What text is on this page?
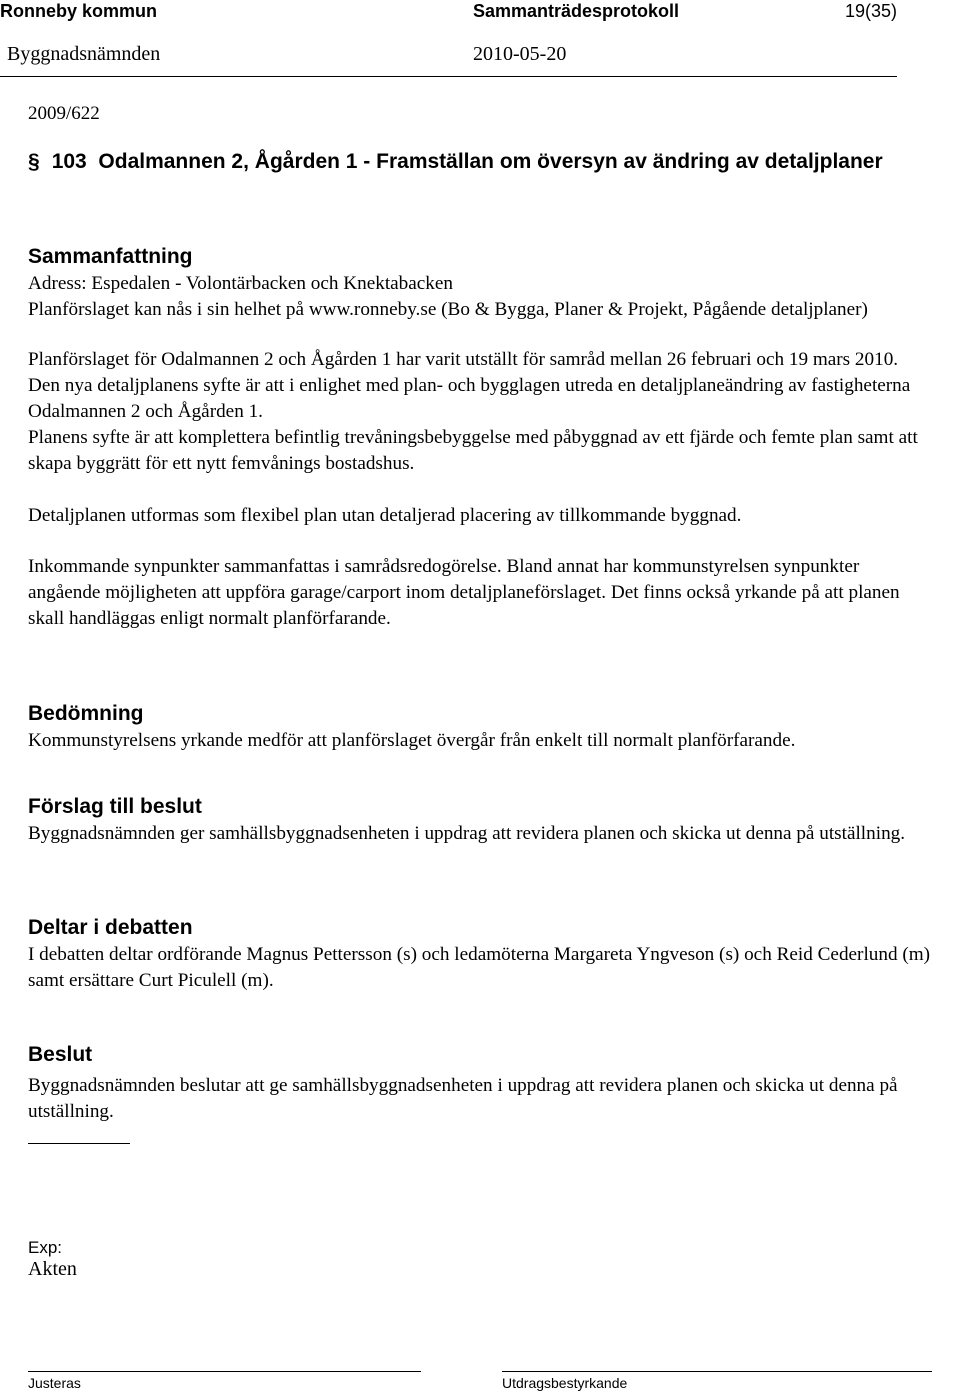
Ronneby kommun	Sammanträdesprotokoll	19(35)
Byggnadsnämnden	2010-05-20
2009/622
§ 103 Odalmannen 2, Ågården 1 - Framställan om översyn av ändring av detaljplaner
Sammanfattning

Adress: Espedalen - Volontärbacken och Knektabacken

Planförslaget kan nås i sin helhet på www.ronneby.se (Bo & Bygga, Planer & Projekt, Pågående detaljplaner)

Planförslaget för Odalmannen 2 och Ågården 1 har varit utställt för samråd mellan 26 februari och 19 mars 2010. Den nya detaljplanens syfte är att i enlighet med plan- och bygglagen utreda en detaljplaneändring av fastigheterna Odalmannen 2 och Ågården 1.

Planens syfte är att komplettera befintlig trevåningsbebyggelse med påbyggnad av ett fjärde och femte plan samt att skapa byggrätt för ett nytt femvånings bostadshus.

Detaljplanen utformas som flexibel plan utan detaljerad placering av tillkommande byggnad.

Inkommande synpunkter sammanfattas i samrådsredogörelse. Bland annat har kommunstyrelsen synpunkter angående möjligheten att uppföra garage/carport inom detaljplaneförslaget. Det finns också yrkande på att planen skall handläggas enligt normalt planförfarande.

Bedömning

Kommunstyrelsens yrkande medför att planförslaget övergår från enkelt till normalt planförfarande.

Förslag till beslut

Byggnadsnämnden ger samhällsbyggnadsenheten i uppdrag att revidera planen och skicka ut denna på utställning.

Deltar i debatten

I debatten deltar ordförande Magnus Pettersson (s) och ledamöterna Margareta Yngveson (s) och Reid Cederlund (m) samt ersättare Curt Piculell (m).

Beslut

Byggnadsnämnden beslutar att ge samhällsbyggnadsenheten i uppdrag att revidera planen och skicka ut denna på utställning.

Exp:
Akten
Justeras	Utdragsbestyrkande
